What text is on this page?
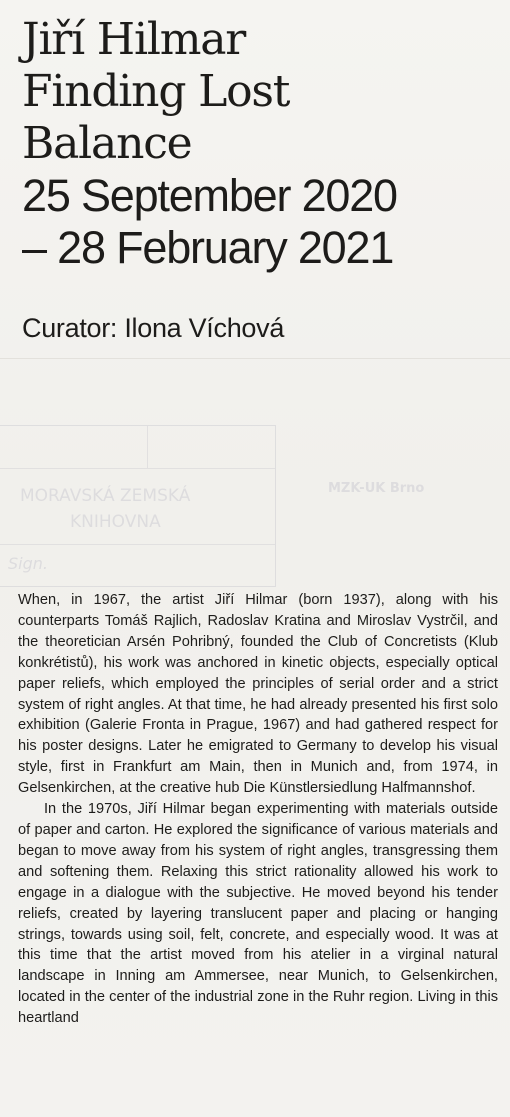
Jiří Hilmar
Finding Lost
Balance
25 September 2020
– 28 February 2021
Curator: Ilona Víchová
MORAVSKÁ ZEMSKÁ
KNIHOVNA
Sign.
MZK-UK Brno

When, in 1967, the artist Jiří Hilmar (born 1937), along with his counterparts Tomáš Rajlich, Radoslav Kratina and Miroslav Vystrčil, and the theoretician Arsén Pohribný, founded the Club of Concretists (Klub konkrétistů), his work was anchored in kinetic objects, especially optical paper reliefs, which employed the principles of serial order and a strict system of right angles. At that time, he had already presented his first solo exhibition (Galerie Fronta in Prague, 1967) and had gathered respect for his poster designs. Later he emigrated to Germany to develop his visual style, first in Frankfurt am Main, then in Munich and, from 1974, in Gelsenkirchen, at the creative hub Die Künstlersiedlung Halfmannshof.

In the 1970s, Jiří Hilmar began experimenting with materials outside of paper and carton. He explored the significance of various materials and began to move away from his system of right angles, transgressing them and softening them. Relaxing this strict rationality allowed his work to engage in a dialogue with the subjective. He moved beyond his tender reliefs, created by layering translucent paper and placing or hanging strings, towards using soil, felt, concrete, and especially wood. It was at this time that the artist moved from his atelier in a virginal natural landscape in Inning am Ammersee, near Munich, to Gelsenkirchen, located in the center of the industrial zone in the Ruhr region. Living in this heartland
